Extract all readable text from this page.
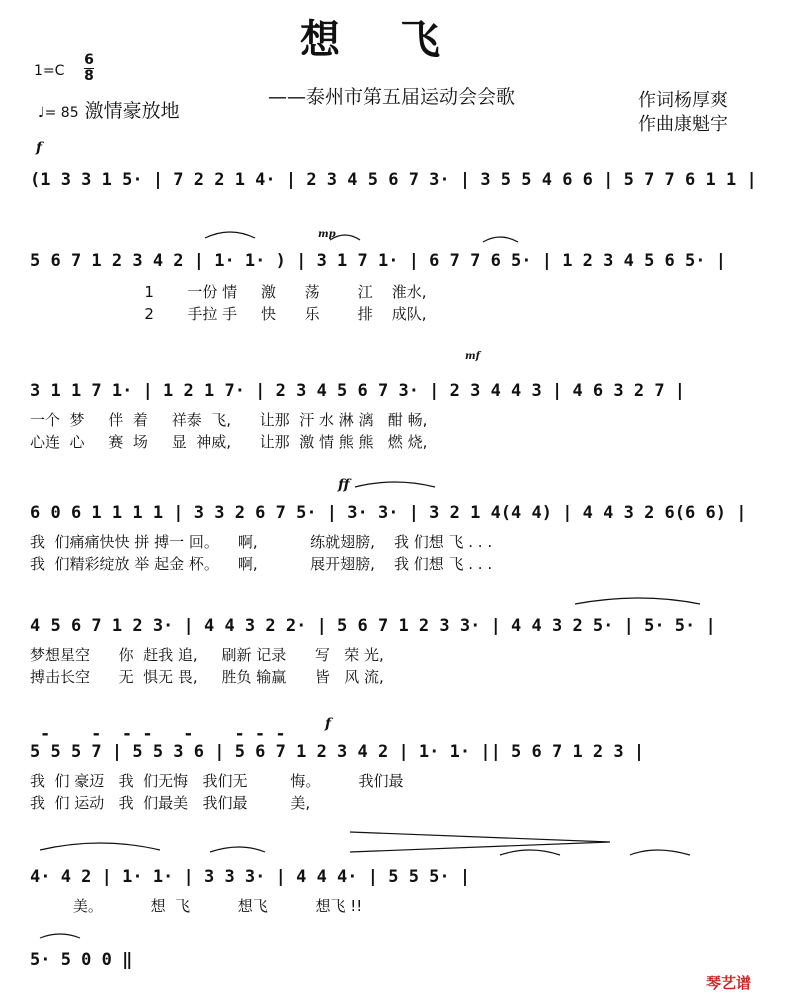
想飞
——泰州市第五届运动会会歌
1=C
6
8
♩= 85 激情豪放地	作词杨厚爽
作曲康魁宇
f
(1 3 3 1 5· | 7 2 2 1 4· | 2 3 4 5 6 7 3· | 3 5 5 4 6 6 | 5 7 7 6 1 1 |
mp
5 6 7 1 2 3 4 2 | 1· 1· ) | 3 1 7 1· | 6 7 7 6 5· | 1 2 3 4 5 6 5· |
1       一份 情     激      荡        江    淮水,
2       手拉 手     快      乐        排    成队,
mf
3 1 1 7 1· | 1 2 1 7· | 2 3 4 5 6 7 3· | 2 3 4 4 3 | 4 6 3 2 7 |
一个  梦     伴  着     祥泰  飞,      让那  汗 水 淋 漓   酣 畅,
心连  心     赛  场     显  神威,      让那  激 情 熊 熊   燃 烧,
ff
6 0 6 1 1 1 1 | 3 3 2 6 7 5· | 3· 3· | 3 2 1 4(4 4) | 4 4 3 2 6(6 6) |
我  们痛痛快快 拼 搏一 回。    啊,           练就翅膀,    我 们想 飞 . . .
我  们精彩绽放 举 起金 杯。    啊,           展开翅膀,    我 们想 飞 . . .
4 5 6 7 1 2 3· | 4 4 3 2 2· | 5 6 7 1 2 3 3· | 4 4 3 2 5· | 5· 5· |
梦想星空      你  赶我 追,     刷新 记录      写   荣 光,
搏击长空      无  惧无 畏,     胜负 输赢      皆   风 流,
f
-    -  - -   -    - - -
5 5 5 7 | 5 5 3 6 | 5 6 7 1 2 3 4 2 | 1· 1· || 5 6 7 1 2 3 |
我  们 豪迈   我  们无悔   我们无         悔。        我们最
我  们 运动   我  们最美   我们最         美,
4· 4 2 | 1· 1· | 3 3 3· | 4 4 4· | 5 5 5· |
美。          想  飞          想飞          想飞 !!
5· 5 0 0 ‖
琴艺谱
